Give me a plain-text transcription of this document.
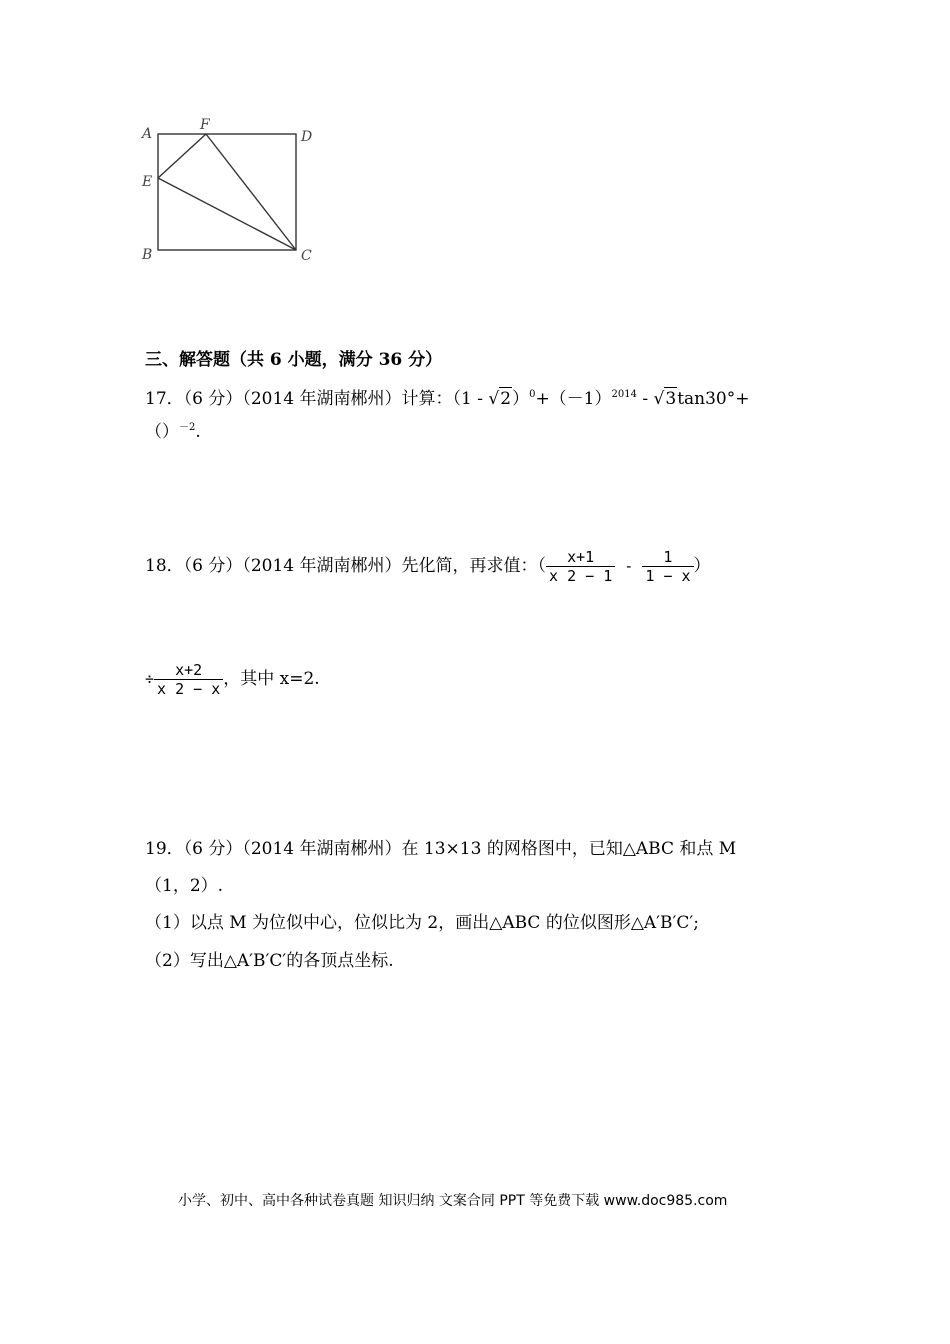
A
F
D
E
B	C
三、解答题（共 6 小题，满分 36 分）
17．（6 分）（2014 年湖南郴州）计算：$(1 - √2)^0+(-1)^{2014} - √3\tan 30^\circ+$
（）$^{-2}$.
18．（6 分）（2014 年湖南郴州）先化简，再求值：（ $\frac{x+1}{x 2 - 1} - \frac{1}{1 - x}$ ）
÷ $\frac{x+2}{x 2 - x}$ ，其中 x=2.
19．（6 分）（2014 年湖南郴州）在 13×13 的网格图中，已知△ABC 和点 M
（1，2）.
（1）以点 M 为位似中心，位似比为 2，画出△ABC 的位似图形△A′B′C′;
（2）写出△A′B′C′的各顶点坐标.
小学、初中、高中各种试卷真题 知识归纳 文案合同 PPT 等免费下载 www.doc985.com
